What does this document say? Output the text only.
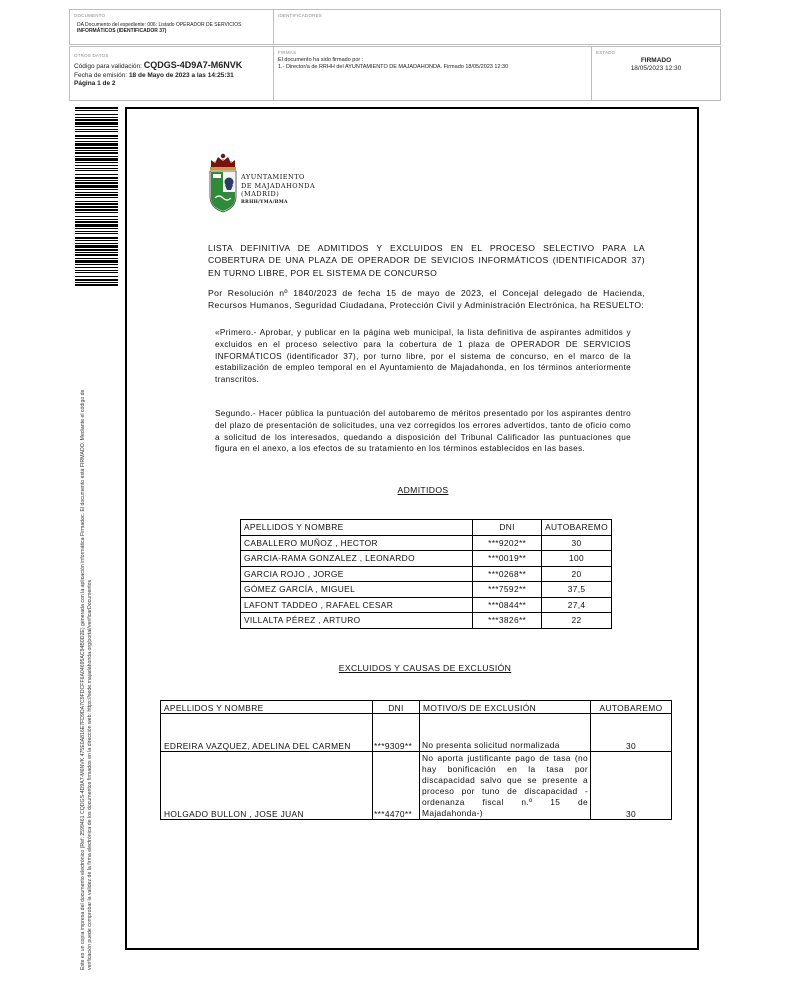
DOCUMENTO
DA Documento del expediente: 006: Listado OPERADOR DE SERVICIOS
INFORMÁTICOS (IDENTIFICADOR 37)
IDENTIFICADORES
OTROS DATOS
Código para validación: CQDGS-4D9A7-M6NVK
Fecha de emisión: 18 de Mayo de 2023 a las 14:25:31
Página 1 de 2
FIRMAS
El documento ha sido firmado por :
1.- Director/a de RRHH del AYUNTAMIENTO DE MAJADAHONDA. Firmado 18/05/2023 12:30
ESTADO
FIRMADO
18/05/2023 12:30
Este es un copia impresa del documento electrónico (Ref: 2599461 CQDGS-4D9A7-M6NVK 475E0A816E7FD9DA7C9FDCFF6A04695AC94B0D2E) generada con la aplicación informática Firmadoc. El documento está FIRMADO. Mediante el código de verificación puede comprobar la validez de la firma electrónica de los documentos firmados en la dirección web: https://sede.majadahonda.org/portal/verificarDocumentos
AYUNTAMIENTO
DE MAJADAHONDA
(MADRID)
RRHH/YMA/BMA
LISTA DEFINITIVA DE ADMITIDOS Y EXCLUIDOS EN EL PROCESO SELECTIVO PARA LA COBERTURA DE UNA PLAZA DE OPERADOR DE SEVICIOS INFORMÁTICOS (IDENTIFICADOR 37) EN TURNO LIBRE, POR EL SISTEMA DE CONCURSO
Por Resolución nº 1840/2023 de fecha 15 de mayo de 2023, el Concejal delegado de Hacienda, Recursos Humanos, Seguridad Ciudadana, Protección Civil y Administración Electrónica, ha RESUELTO:
«Primero.- Aprobar, y publicar en la página web municipal, la lista definitiva de aspirantes admitidos y excluidos en el proceso selectivo para la cobertura de 1 plaza de OPERADOR DE SERVICIOS INFORMÁTICOS (identificador 37), por turno libre, por el sistema de concurso, en el marco de la estabilización de empleo temporal en el Ayuntamiento de Majadahonda, en los términos anteriormente transcritos.
Segundo.- Hacer pública la puntuación del autobaremo de méritos presentado por los aspirantes dentro del plazo de presentación de solicitudes, una vez corregidos los errores advertidos, tanto de oficio como a solicitud de los interesados, quedando a disposición del Tribunal Calificador las puntuaciones que figura en el anexo, a los efectos de su tratamiento en los términos establecidos en las bases.
ADMITIDOS
APELLIDOS Y NOMBRE	DNI	AUTOBAREMO
CABALLERO MUÑOZ , HECTOR	***9202**	30
GARCIA-RAMA GONZALEZ , LEONARDO	***0019**	100
GARCIA ROJO , JORGE	***0268**	20
GÓMEZ GARCÍA , MIGUEL	***7592**	37,5
LAFONT TADDEO , RAFAEL CESAR	***0844**	27,4
VILLALTA PÉREZ , ARTURO	***3826**	22
EXCLUIDOS Y CAUSAS DE EXCLUSIÓN
APELLIDOS Y NOMBRE	DNI	MOTIVO/S DE EXCLUSIÓN	AUTOBAREMO
EDREIRA VAZQUEZ, ADELINA DEL CARMEN	***9309**	No presenta solicitud normalizada	30
HOLGADO BULLON , JOSE JUAN	***4470**	No aporta justificante pago de tasa (no hay bonificación en la tasa por discapacidad salvo que se presente a proceso por tuno de discapacidad - ordenanza fiscal n.º 15 de Majadahonda-)	30
